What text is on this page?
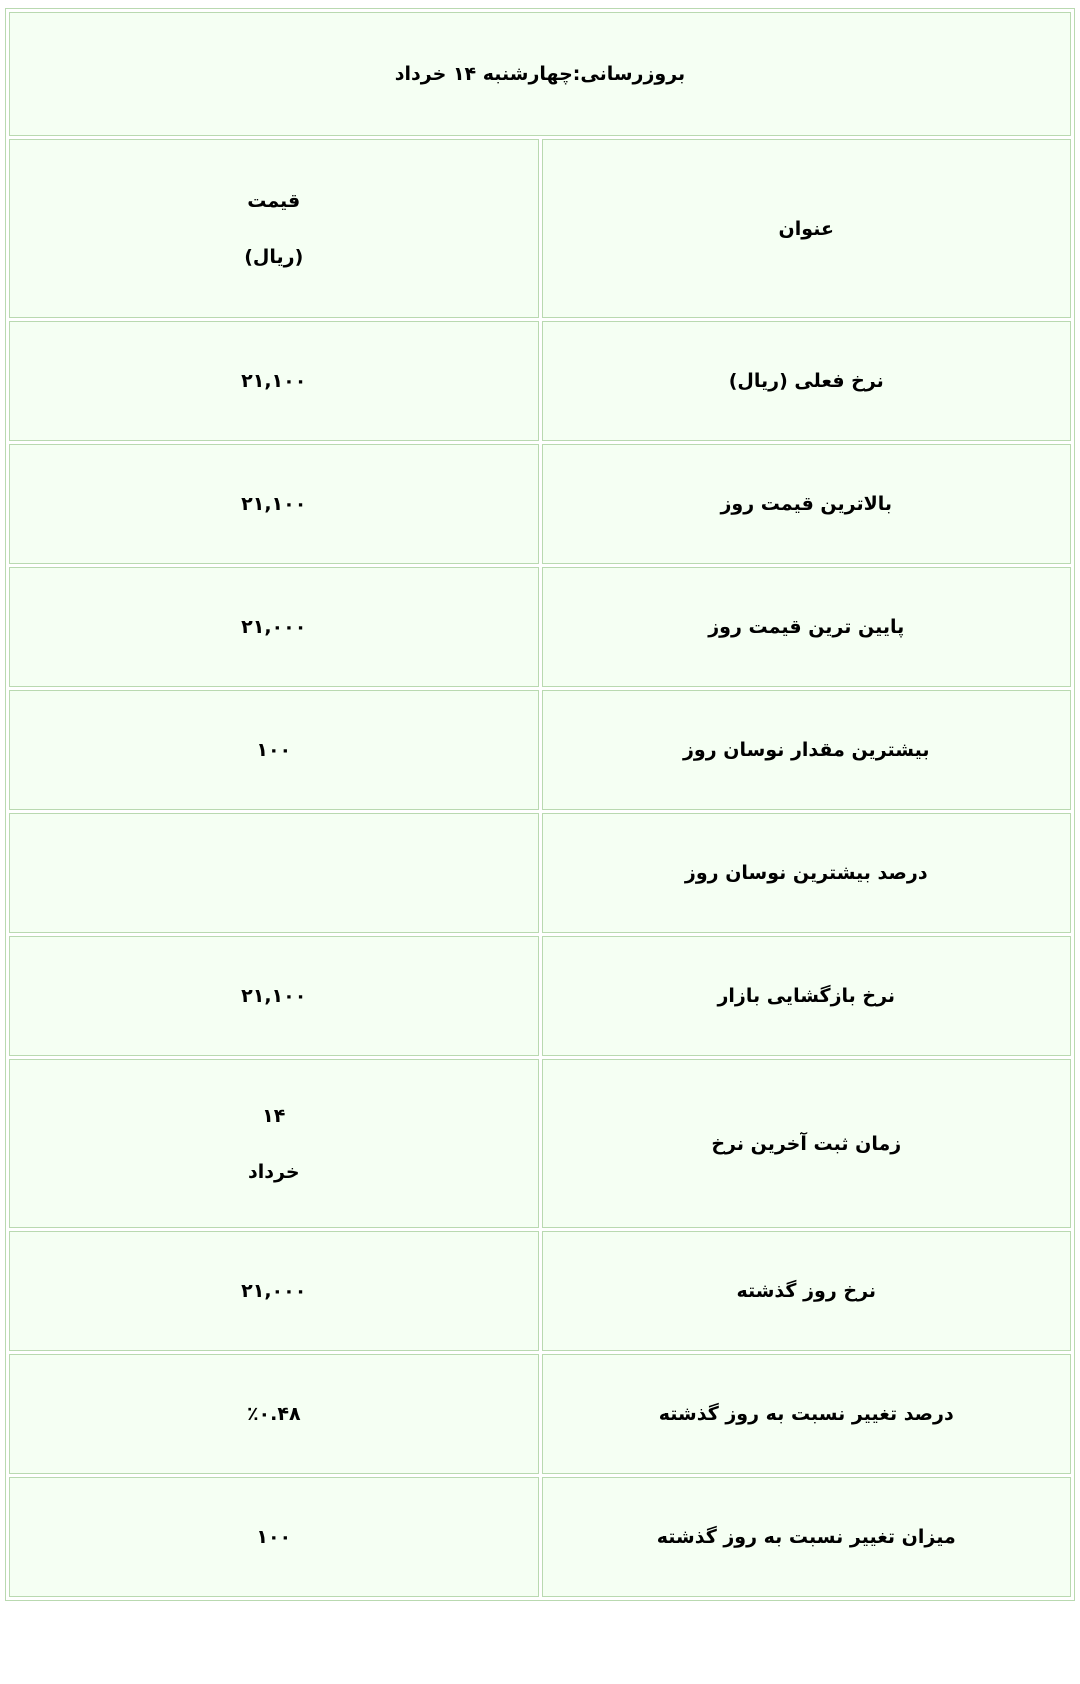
بروزرسانی:چهارشنبه ۱۴ خرداد	
قیمت
(ریال)	عنوان
۲۱,۱۰۰	نرخ فعلی (ریال)
۲۱,۱۰۰	بالاترین قیمت روز
۲۱,۰۰۰	پایین ترین قیمت روز
۱۰۰	بیشترین مقدار نوسان روز
	درصد بیشترین نوسان روز
۲۱,۱۰۰	نرخ بازگشایی بازار
۱۴
خرداد	زمان ثبت آخرین نرخ
۲۱,۰۰۰	نرخ روز گذشته
٪۰.۴۸	درصد تغییر نسبت به روز گذشته
۱۰۰	میزان تغییر نسبت به روز گذشته
